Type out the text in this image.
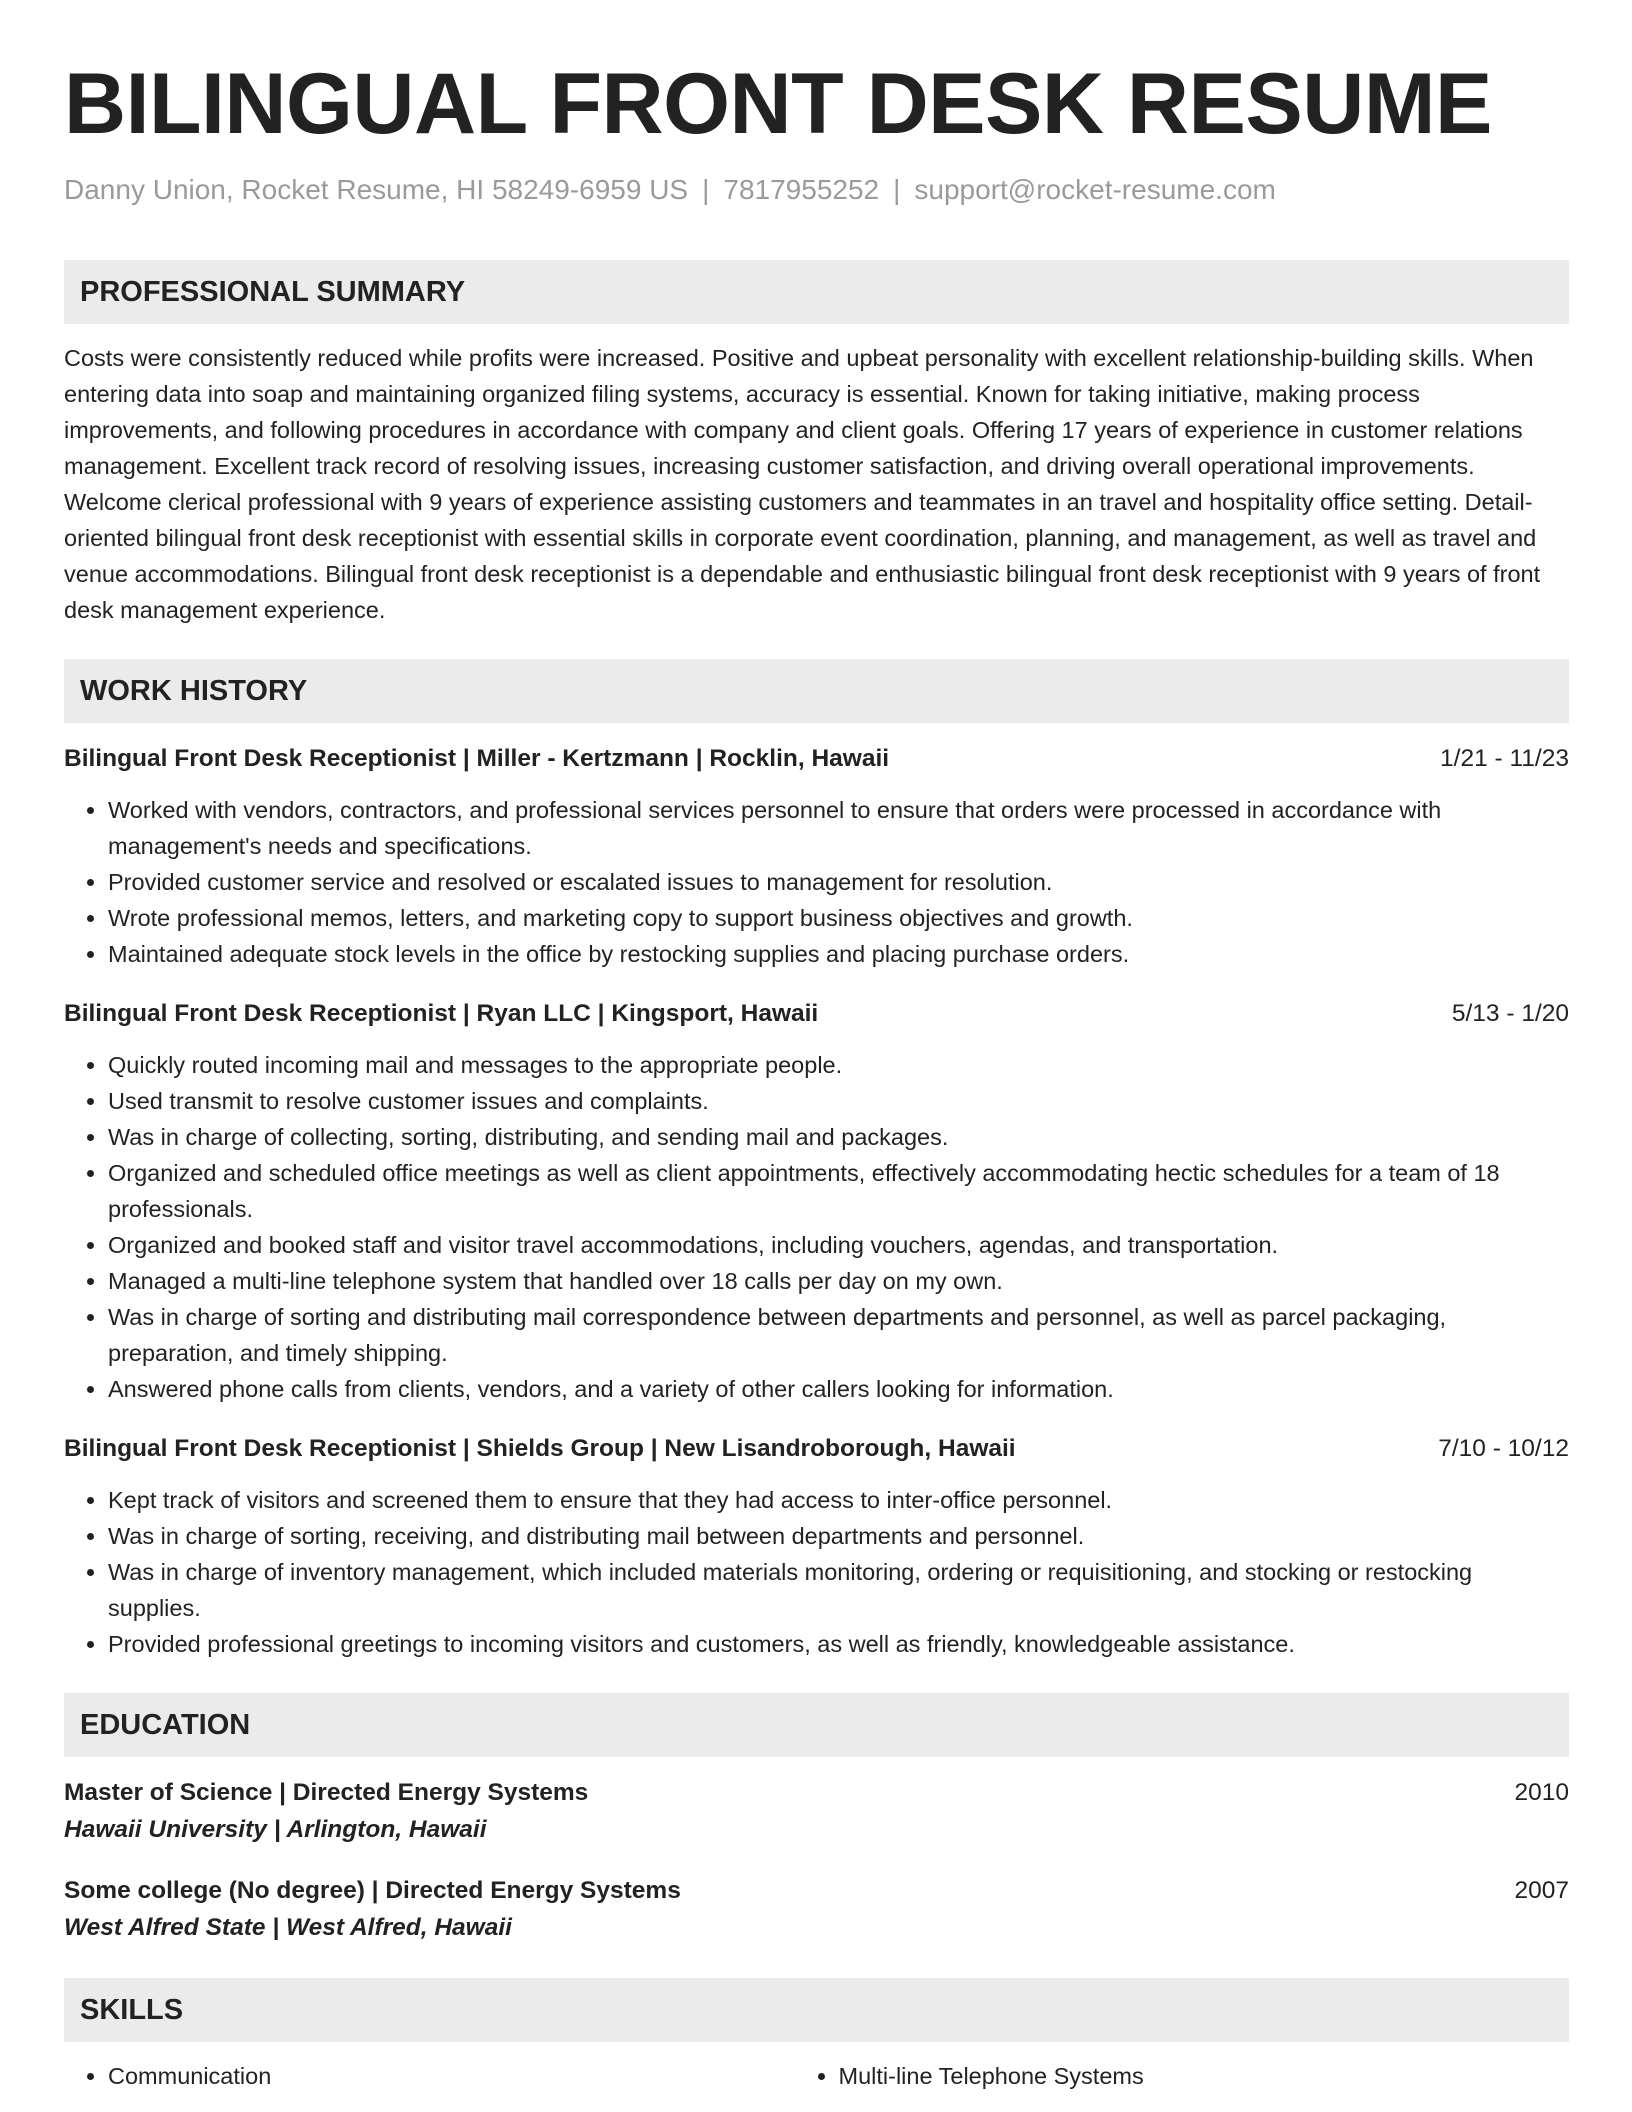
BILINGUAL FRONT DESK RESUME
Danny Union, Rocket Resume, HI 58249-6959 US | 7817955252 | support@rocket-resume.com
PROFESSIONAL SUMMARY

Costs were consistently reduced while profits were increased. Positive and upbeat personality with excellent relationship-building skills. When entering data into soap and maintaining organized filing systems, accuracy is essential. Known for taking initiative, making process improvements, and following procedures in accordance with company and client goals. Offering 17 years of experience in customer relations management. Excellent track record of resolving issues, increasing customer satisfaction, and driving overall operational improvements. Welcome clerical professional with 9 years of experience assisting customers and teammates in an travel and hospitality office setting. Detail-oriented bilingual front desk receptionist with essential skills in corporate event coordination, planning, and management, as well as travel and venue accommodations. Bilingual front desk receptionist is a dependable and enthusiastic bilingual front desk receptionist with 9 years of front desk management experience.

WORK HISTORY
Bilingual Front Desk Receptionist | Miller - Kertzmann | Rocklin, Hawaii	1/21 - 11/23
• Worked with vendors, contractors, and professional services personnel to ensure that orders were processed in accordance with management's needs and specifications.
• Provided customer service and resolved or escalated issues to management for resolution.
• Wrote professional memos, letters, and marketing copy to support business objectives and growth.
• Maintained adequate stock levels in the office by restocking supplies and placing purchase orders.
Bilingual Front Desk Receptionist | Ryan LLC | Kingsport, Hawaii	5/13 - 1/20
• Quickly routed incoming mail and messages to the appropriate people.
• Used transmit to resolve customer issues and complaints.
• Was in charge of collecting, sorting, distributing, and sending mail and packages.
• Organized and scheduled office meetings as well as client appointments, effectively accommodating hectic schedules for a team of 18 professionals.
• Organized and booked staff and visitor travel accommodations, including vouchers, agendas, and transportation.
• Managed a multi-line telephone system that handled over 18 calls per day on my own.
• Was in charge of sorting and distributing mail correspondence between departments and personnel, as well as parcel packaging, preparation, and timely shipping.
• Answered phone calls from clients, vendors, and a variety of other callers looking for information.
Bilingual Front Desk Receptionist | Shields Group | New Lisandroborough, Hawaii	7/10 - 10/12
• Kept track of visitors and screened them to ensure that they had access to inter-office personnel.
• Was in charge of sorting, receiving, and distributing mail between departments and personnel.
• Was in charge of inventory management, which included materials monitoring, ordering or requisitioning, and stocking or restocking supplies.
• Provided professional greetings to incoming visitors and customers, as well as friendly, knowledgeable assistance.
EDUCATION
Master of Science | Directed Energy Systems	2010
Hawaii University | Arlington, Hawaii
Some college (No degree) | Directed Energy Systems	2007
West Alfred State | West Alfred, Hawaii
SKILLS
• Communication
•	Multi-line Telephone Systems
